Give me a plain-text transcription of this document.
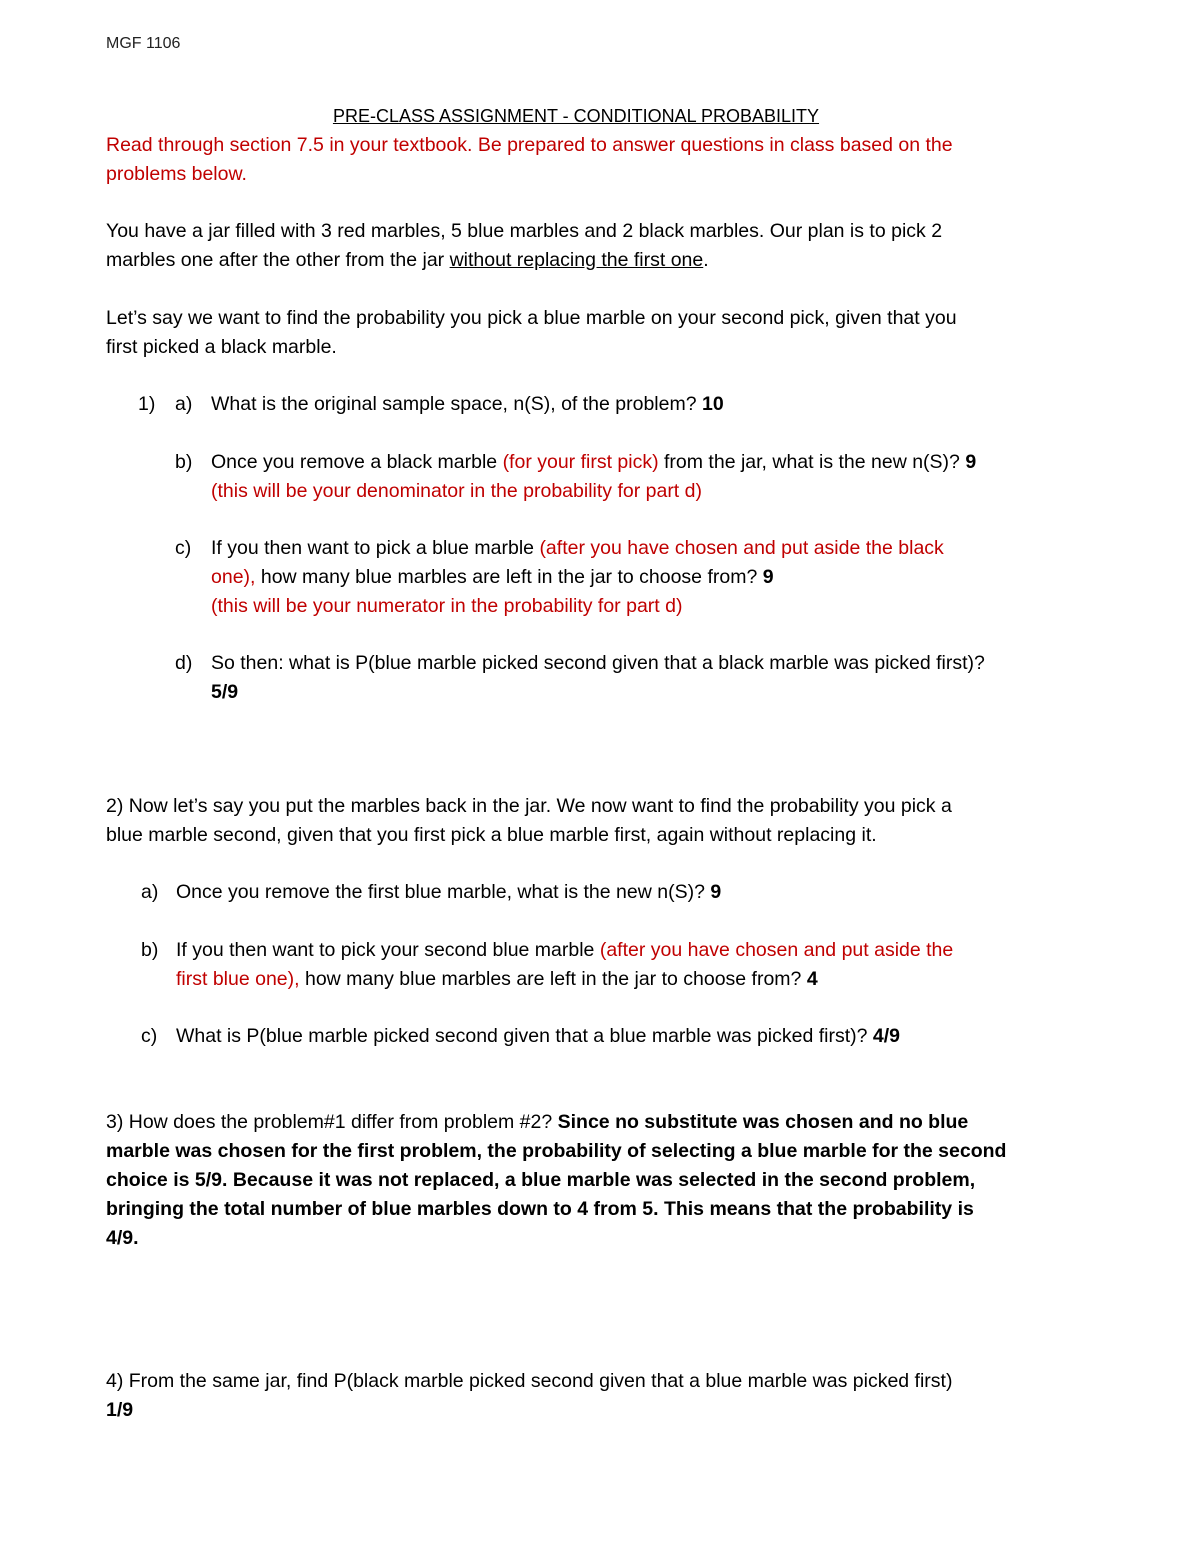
MGF 1106
PRE-CLASS ASSIGNMENT - CONDITIONAL PROBABILITY
Read through section 7.5 in your textbook. Be prepared to answer questions in class based on the
problems below.
You have a jar filled with 3 red marbles, 5 blue marbles and 2 black marbles. Our plan is to pick 2
marbles one after the other from the jar without replacing the first one.
Let’s say we want to find the probability you pick a blue marble on your second pick, given that you
first picked a black marble.
1) a) What is the original sample space, n(S), of the problem? 10
b) Once you remove a black marble (for your first pick) from the jar, what is the new n(S)? 9
(this will be your denominator in the probability for part d)
c) If you then want to pick a blue marble (after you have chosen and put aside the black
one), how many blue marbles are left in the jar to choose from? 9
(this will be your numerator in the probability for part d)
d) So then: what is P(blue marble picked second given that a black marble was picked first)?
5/9
2) Now let’s say you put the marbles back in the jar. We now want to find the probability you pick a
blue marble second, given that you first pick a blue marble first, again without replacing it.
a) Once you remove the first blue marble, what is the new n(S)? 9
b) If you then want to pick your second blue marble (after you have chosen and put aside the
first blue one), how many blue marbles are left in the jar to choose from? 4
c) What is P(blue marble picked second given that a blue marble was picked first)? 4/9
3) How does the problem#1 differ from problem #2? Since no substitute was chosen and no blue
marble was chosen for the first problem, the probability of selecting a blue marble for the second
choice is 5/9. Because it was not replaced, a blue marble was selected in the second problem,
bringing the total number of blue marbles down to 4 from 5. This means that the probability is
4/9.
4) From the same jar, find P(black marble picked second given that a blue marble was picked first)
1/9
